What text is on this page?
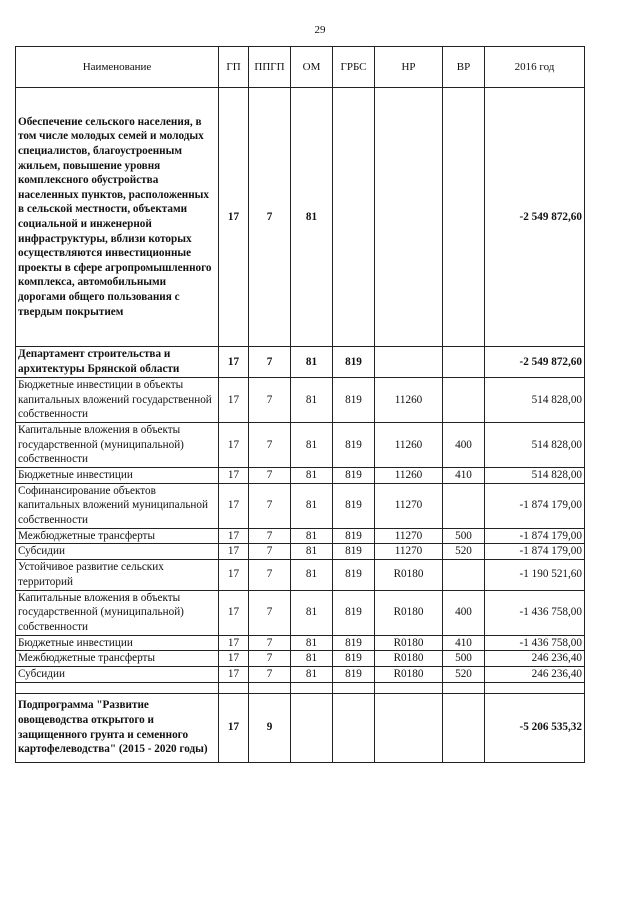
29
Наименование	ГП	ППГП	ОМ	ГРБС	НР	ВР	2016 год
Обеспечение сельского населения, в том числе молодых семей и молодых специалистов, благоустроенным жильем, повышение уровня комплексного обустройства населенных пунктов, расположенных в сельской местности, объектами социальной и инженерной инфраструктуры, вблизи которых осуществляются инвестиционные проекты в сфере агропромышленного комплекса, автомобильными дорогами общего пользования с твердым покрытием	17	7	81				-2 549 872,60
Департамент строительства и архитектуры Брянской области	17	7	81	819			-2 549 872,60
Бюджетные инвестиции в объекты капитальных вложений государственной собственности	17	7	81	819	11260		514 828,00
Капитальные вложения в объекты государственной (муниципальной) собственности	17	7	81	819	11260	400	514 828,00
Бюджетные инвестиции	17	7	81	819	11260	410	514 828,00
Софинансирование объектов капитальных вложений муниципальной собственности	17	7	81	819	11270		-1 874 179,00
Межбюджетные трансферты	17	7	81	819	11270	500	-1 874 179,00
Субсидии	17	7	81	819	11270	520	-1 874 179,00
Устойчивое развитие сельских территорий	17	7	81	819	R0180		-1 190 521,60
Капитальные вложения в объекты государственной (муниципальной) собственности	17	7	81	819	R0180	400	-1 436 758,00
Бюджетные инвестиции	17	7	81	819	R0180	410	-1 436 758,00
Межбюджетные трансферты	17	7	81	819	R0180	500	246 236,40
Субсидии	17	7	81	819	R0180	520	246 236,40

Подпрограмма "Развитие овощеводства открытого и защищенного грунта и семенного картофелеводства" (2015 - 2020 годы)	17	9					-5 206 535,32
